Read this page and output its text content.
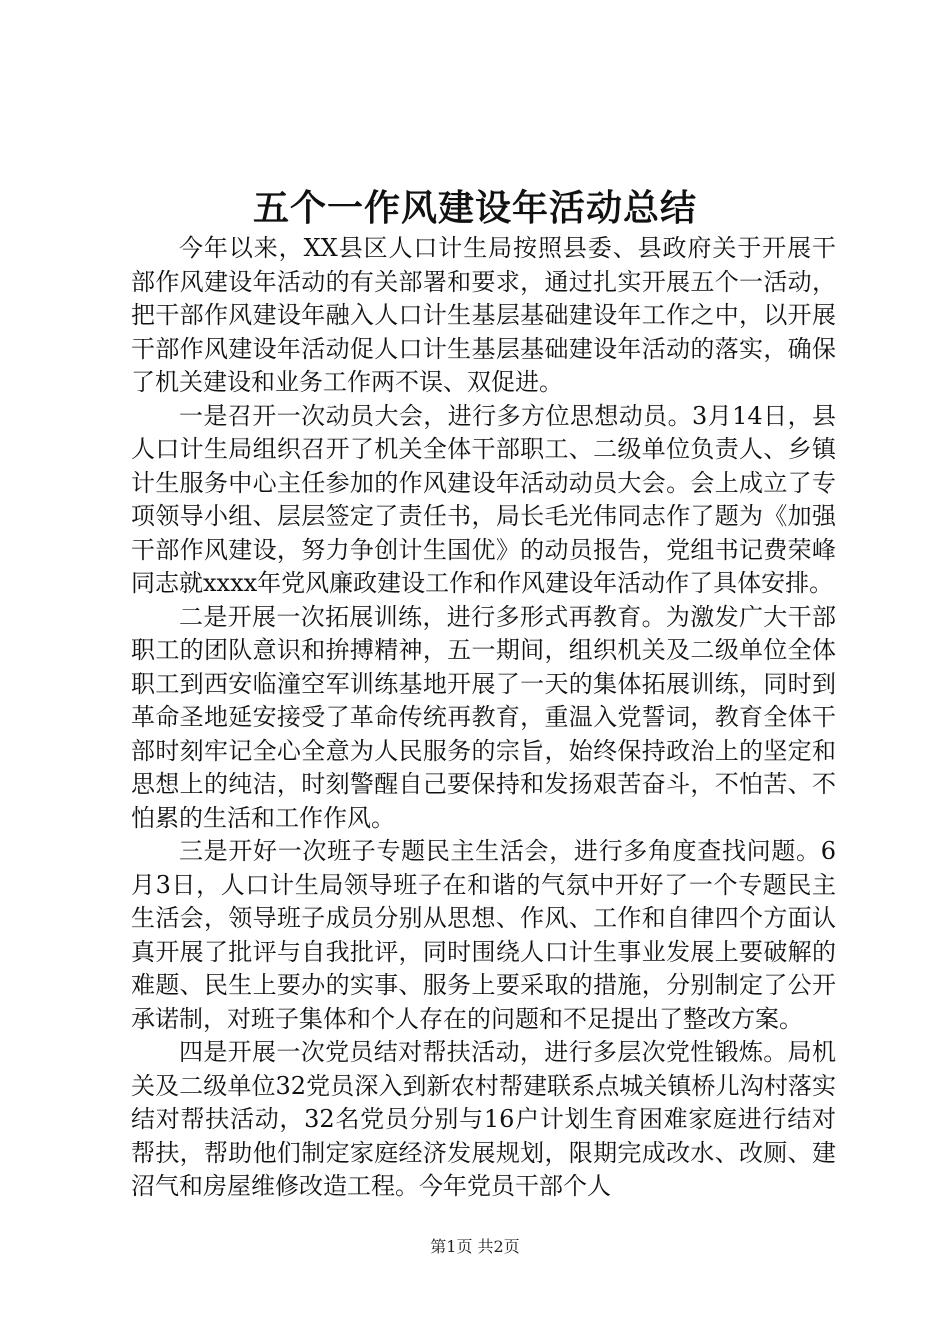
五个一作风建设年活动总结

今年以来，XX县区人口计生局按照县委、县政府关于开展干部作风建设年活动的有关部署和要求，通过扎实开展五个一活动，把干部作风建设年融入人口计生基层基础建设年工作之中，以开展干部作风建设年活动促人口计生基层基础建设年活动的落实，确保了机关建设和业务工作两不误、双促进。

一是召开一次动员大会，进行多方位思想动员。3月14日，县人口计生局组织召开了机关全体干部职工、二级单位负责人、乡镇计生服务中心主任参加的作风建设年活动动员大会。会上成立了专项领导小组、层层签定了责任书，局长毛光伟同志作了题为《加强干部作风建设，努力争创计生国优》的动员报告，党组书记费荣峰同志就xxxx年党风廉政建设工作和作风建设年活动作了具体安排。

二是开展一次拓展训练，进行多形式再教育。为激发广大干部职工的团队意识和拚搏精神，五一期间，组织机关及二级单位全体职工到西安临潼空军训练基地开展了一天的集体拓展训练，同时到革命圣地延安接受了革命传统再教育，重温入党誓词，教育全体干部时刻牢记全心全意为人民服务的宗旨，始终保持政治上的坚定和思想上的纯洁，时刻警醒自己要保持和发扬艰苦奋斗，不怕苦、不怕累的生活和工作作风。

三是开好一次班子专题民主生活会，进行多角度查找问题。6月3日，人口计生局领导班子在和谐的气氛中开好了一个专题民主生活会，领导班子成员分别从思想、作风、工作和自律四个方面认真开展了批评与自我批评，同时围绕人口计生事业发展上要破解的难题、民生上要办的实事、服务上要采取的措施，分别制定了公开承诺制，对班子集体和个人存在的问题和不足提出了整改方案。

四是开展一次党员结对帮扶活动，进行多层次党性锻炼。局机关及二级单位32党员深入到新农村帮建联系点城关镇桥儿沟村落实结对帮扶活动，32名党员分别与16户计划生育困难家庭进行结对帮扶，帮助他们制定家庭经济发展规划，限期完成改水、改厕、建沼气和房屋维修改造工程。今年党员干部个人

第1页 共2页
